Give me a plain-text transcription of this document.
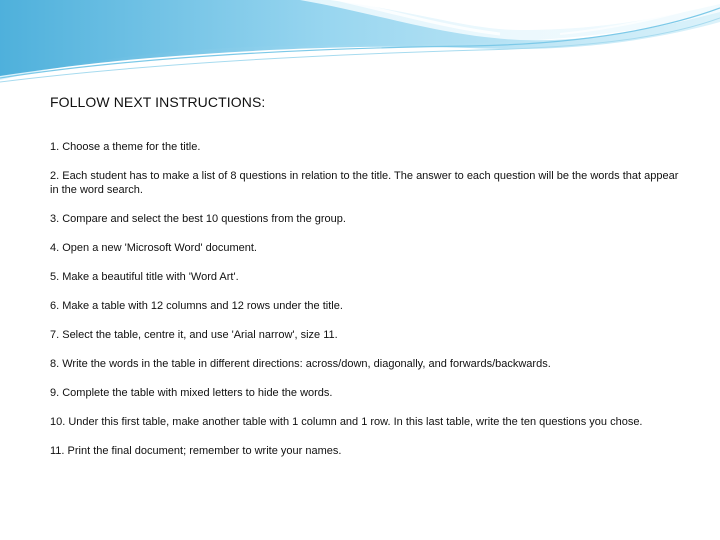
FOLLOW NEXT INSTRUCTIONS:
1. Choose a theme for the title.
2. Each student has to make a list of 8 questions in relation to the title. The answer to each question will be the words that appear in the word search.
3. Compare and select the best 10 questions from the group.
4. Open a new 'Microsoft Word' document.
5. Make a beautiful title with 'Word Art'.
6. Make a table with 12 columns and 12 rows under the title.
7. Select the table, centre it, and use 'Arial narrow', size 11.
8. Write the words in the table in different directions: across/down, diagonally, and forwards/backwards.
9. Complete the table with mixed letters to hide the words.
10. Under this first table, make another table with 1 column and 1 row. In this last table, write the ten questions you chose.
11. Print the final document; remember to write your names.
